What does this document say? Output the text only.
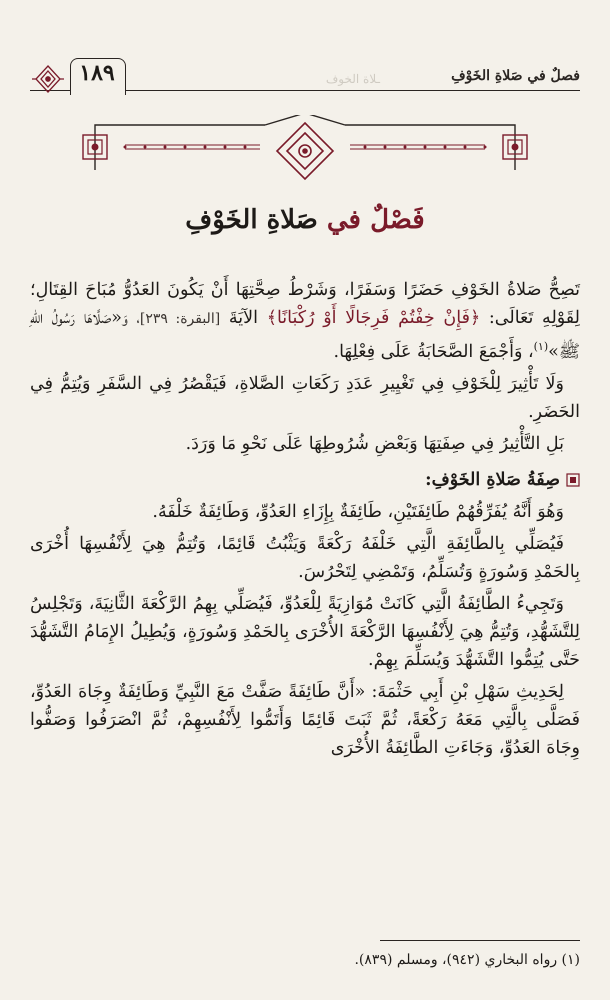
ـلاة الخوف	فصلٌ في صَلاةِ الخَوْفِ
١٨٩
فَصْلٌ في صَلاةِ الخَوْفِ

تَصِحُّ صَلاةُ الخَوْفِ حَضَرًا وَسَفَرًا، وَشَرْطُ صِحَّتِهَا أَنْ يَكُونَ العَدُوُّ مُبَاحَ القِتَالِ؛ لِقَوْلِهِ تَعَالَى: ﴿فَإِنْ خِفْتُمْ فَرِجَالًا أَوْ رُكْبَانًا﴾ الآيَةَ [البقرة: ٢٣٩]، وَ«صَلَّاهَا رَسُولُ اللهِ ﷺ»$^{(١)}$، وَأَجْمَعَ الصَّحَابَةُ عَلَى فِعْلِهَا.

وَلَا تَأْثِيرَ لِلْخَوْفِ فِي تَغْيِيرِ عَدَدِ رَكَعَاتِ الصَّلاةِ، فَيَقْصُرُ فِي السَّفَرِ وَيُتِمُّ فِي الحَضَرِ.

بَلِ التَّأْثِيرُ فِي صِفَتِهَا وَبَعْضِ شُرُوطِهَا عَلَى نَحْوِ مَا وَرَدَ.

صِفَةُ صَلاةِ الخَوْفِ:

وَهُوَ أَنَّهُ يُفَرِّقُهُمْ طَائِفَتَيْنِ، طَائِفَةٌ بِإِزَاءِ العَدُوِّ، وَطَائِفَةٌ خَلْفَهُ.

فَيُصَلِّي بِالطَّائِفَةِ الَّتِي خَلْفَهُ رَكْعَةً وَيَثْبُتُ قَائِمًا، وَتُتِمُّ هِيَ لِأَنْفُسِهَا أُخْرَى بِالحَمْدِ وَسُورَةٍ وَتُسَلِّمُ، وَتَمْضِي لِتَحْرُسَ.

وَتَجِيءُ الطَّائِفَةُ الَّتِي كَانَتْ مُوَازِيَةً لِلْعَدُوِّ، فَيُصَلِّي بِهِمُ الرَّكْعَةَ الثَّانِيَةَ، وَتَجْلِسُ لِلتَّشَهُّدِ، وَتُتِمُّ هِيَ لِأَنْفُسِهَا الرَّكْعَةَ الأُخْرَى بِالحَمْدِ وَسُورَةٍ، وَيُطِيلُ الإِمَامُ التَّشَهُّدَ حَتَّى يُتِمُّوا التَّشَهُّدَ وَيُسَلِّمَ بِهِمْ.

لِحَدِيثِ سَهْلِ بْنِ أَبِي حَثْمَةَ: «أَنَّ طَائِفَةً صَفَّتْ مَعَ النَّبِيِّ وَطَائِفَةٌ وِجَاهَ العَدُوِّ، فَصَلَّى بِالَّتِي مَعَهُ رَكْعَةً، ثُمَّ ثَبَتَ قَائِمًا وَأَتَمُّوا لِأَنْفُسِهِمْ، ثُمَّ انْصَرَفُوا وَصَفُّوا وِجَاهَ العَدُوِّ، وَجَاءَتِ الطَّائِفَةُ الأُخْرَى

(١) رواه البخاري (٩٤٢)، ومسلم (٨٣٩).
